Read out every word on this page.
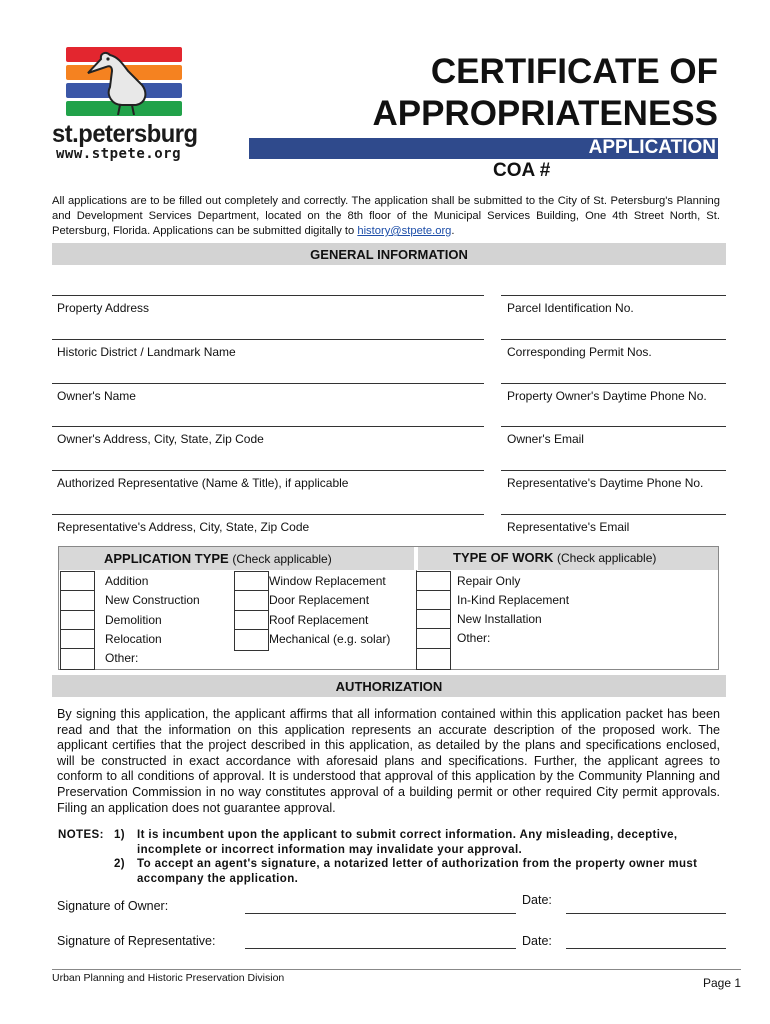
st.petersburg
www.stpete.org
CERTIFICATE OF
APPROPRIATENESS
APPLICATION
COA #
All applications are to be filled out completely and correctly. The application shall be submitted to the City of St. Petersburg's Planning and Development Services Department, located on the 8th floor of the Municipal Services Building, One 4th Street North, St. Petersburg, Florida. Applications can be submitted digitally to history@stpete.org.
GENERAL INFORMATION
Property Address	Parcel Identification No.
Historic District / Landmark Name	Corresponding Permit Nos.
Owner's Name	Property Owner's Daytime Phone No.
Owner's Address, City, State, Zip Code	Owner's Email
Authorized Representative (Name & Title), if applicable	Representative's Daytime Phone No.
Representative's Address, City, State, Zip Code	Representative's Email
APPLICATION TYPE (Check applicable)	TYPE OF WORK (Check applicable)
Addition
New Construction
Demolition
Relocation
Other:
Window Replacement
Door Replacement
Roof Replacement
Mechanical (e.g. solar)
Repair Only
In-Kind Replacement
New Installation
Other:
AUTHORIZATION
By signing this application, the applicant affirms that all information contained within this application packet has been read and that the information on this application represents an accurate description of the proposed work. The applicant certifies that the project described in this application, as detailed by the plans and specifications enclosed, will be constructed in exact accordance with aforesaid plans and specifications. Further, the applicant agrees to conform to all conditions of approval. It is understood that approval of this application by the Community Planning and Preservation Commission in no way constitutes approval of a building permit or other required City permit approvals. Filing an application does not guarantee approval.
NOTES: 1) It is incumbent upon the applicant to submit correct information. Any misleading, deceptive, incomplete or incorrect information may invalidate your approval.
2) To accept an agent's signature, a notarized letter of authorization from the property owner must accompany the application.
Signature of Owner:	Date:
Signature of Representative:	Date:
Urban Planning and Historic Preservation Division	Page 1
